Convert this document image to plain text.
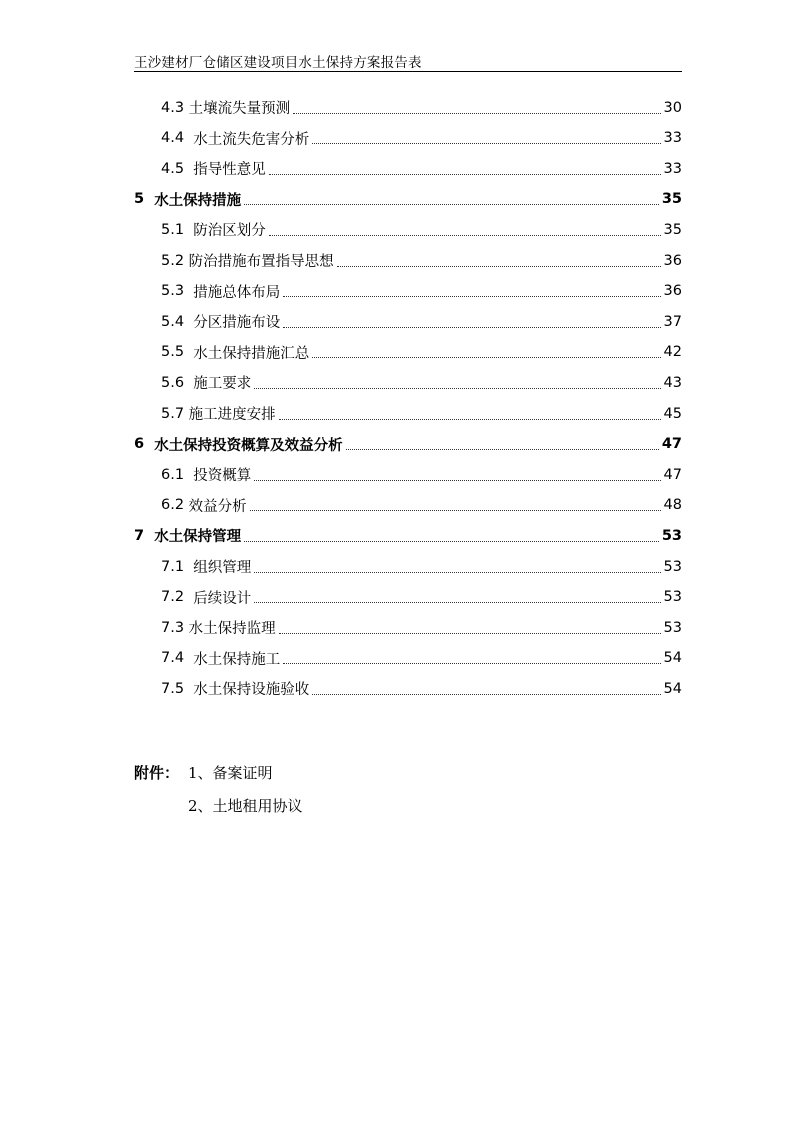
王沙建材厂仓储区建设项目水土保持方案报告表
4.3 土壤流失量预测	30
4.4 水土流失危害分析	33
4.5 指导性意见	33
5 水土保持措施	35
5.1 防治区划分	35
5.2 防治措施布置指导思想	36
5.3 措施总体布局	36
5.4 分区措施布设	37
5.5 水土保持措施汇总	42
5.6 施工要求	43
5.7 施工进度安排	45
6 水土保持投资概算及效益分析	47
6.1 投资概算	47
6.2 效益分析	48
7 水土保持管理	53
7.1 组织管理	53
7.2 后续设计	53
7.3 水土保持监理	53
7.4 水土保持施工	54
7.5 水土保持设施验收	54
附件： 1、备案证明
2、土地租用协议
